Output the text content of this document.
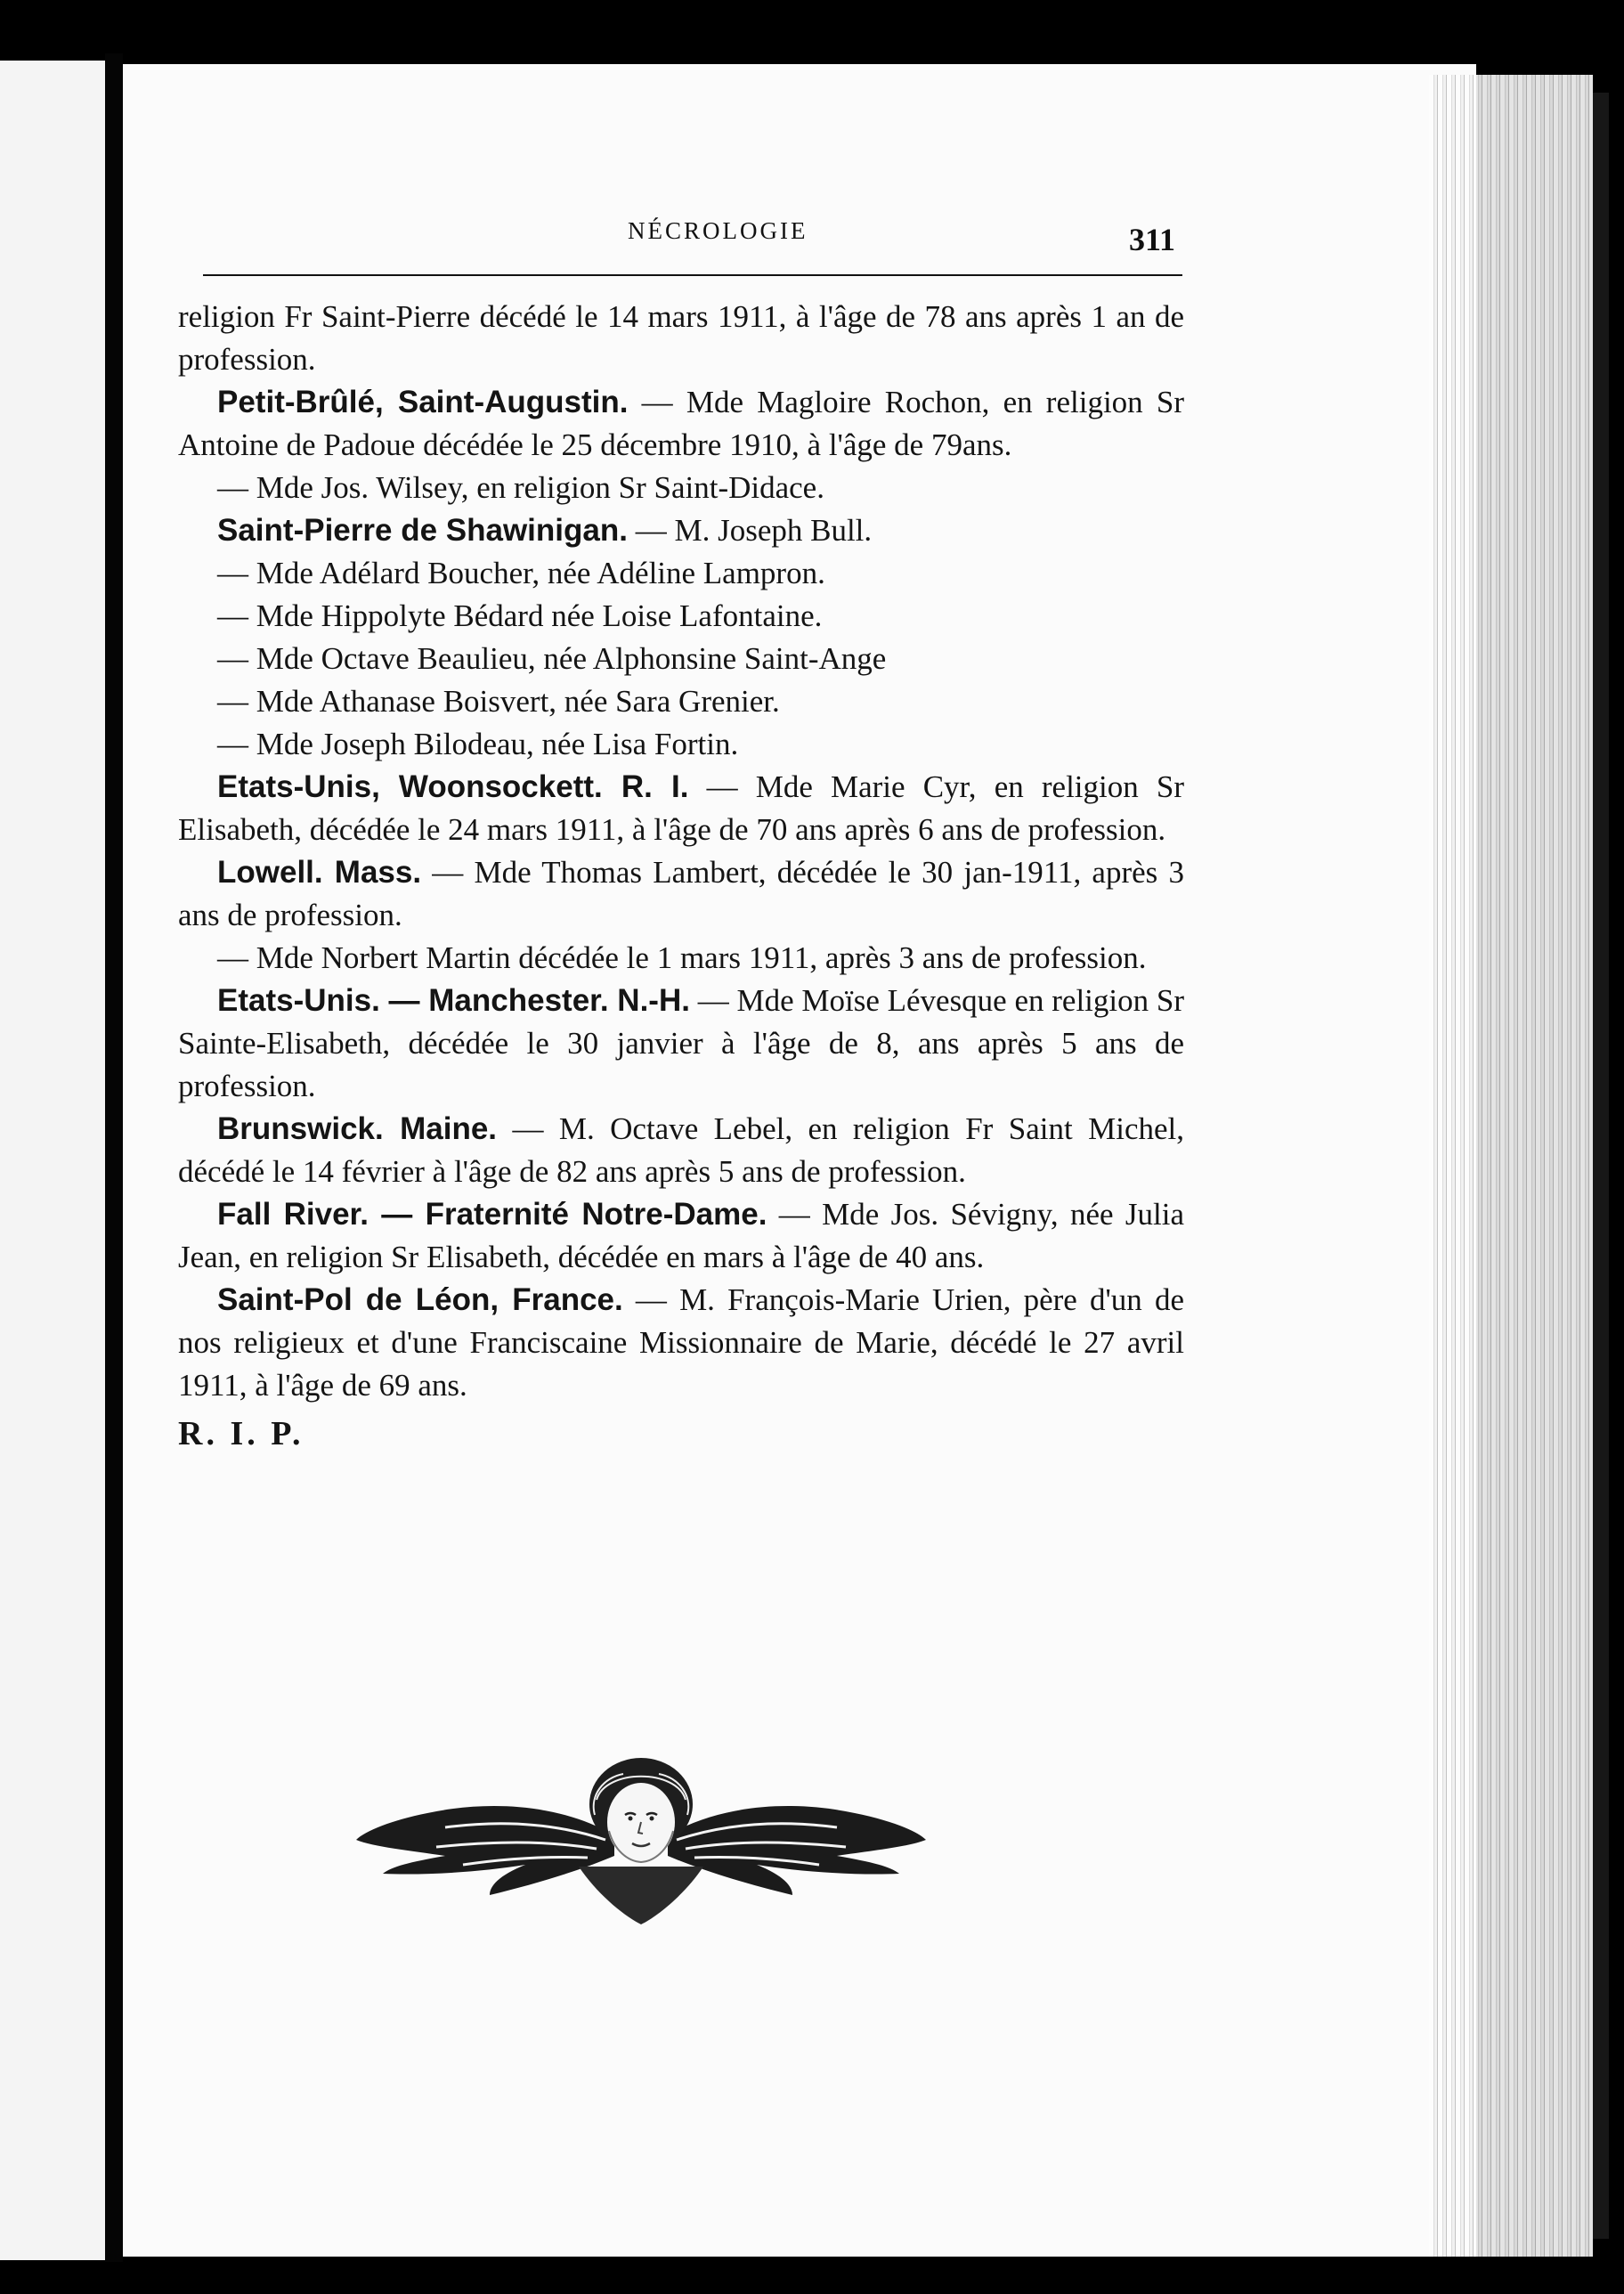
NÉCROLOGIE	311

religion Fr Saint-Pierre décédé le 14 mars 1911, à l'âge de 78 ans après 1 an de profession.

Petit-Brûlé, Saint-Augustin. — Mde Magloire Rochon, en religion Sr Antoine de Padoue décédée le 25 décembre 1910, à l'âge de 79ans.

— Mde Jos. Wilsey, en religion Sr Saint-Didace.

Saint-Pierre de Shawinigan. — M. Joseph Bull.

— Mde Adélard Boucher, née Adéline Lampron.

— Mde Hippolyte Bédard née Loise Lafontaine.

— Mde Octave Beaulieu, née Alphonsine Saint-Ange

— Mde Athanase Boisvert, née Sara Grenier.

— Mde Joseph Bilodeau, née Lisa Fortin.

Etats-Unis, Woonsockett. R. I. — Mde Marie Cyr, en religion Sr Elisabeth, décédée le 24 mars 1911, à l'âge de 70 ans après 6 ans de profession.

Lowell. Mass. — Mde Thomas Lambert, décédée le 30 jan-1911, après 3 ans de profession.

— Mde Norbert Martin décédée le 1 mars 1911, après 3 ans de profession.

Etats-Unis. — Manchester. N.-H. — Mde Moïse Lévesque en religion Sr Sainte-Elisabeth, décédée le 30 janvier à l'âge de 8, ans après 5 ans de profession.

Brunswick. Maine. — M. Octave Lebel, en religion Fr Saint Michel, décédé le 14 février à l'âge de 82 ans après 5 ans de profession.

Fall River. — Fraternité Notre-Dame. — Mde Jos. Sévigny, née Julia Jean, en religion Sr Elisabeth, décédée en mars à l'âge de 40 ans.

Saint-Pol de Léon, France. — M. François-Marie Urien, père d'un de nos religieux et d'une Franciscaine Missionnaire de Marie, décédé le 27 avril 1911, à l'âge de 69 ans.

R. I. P.
